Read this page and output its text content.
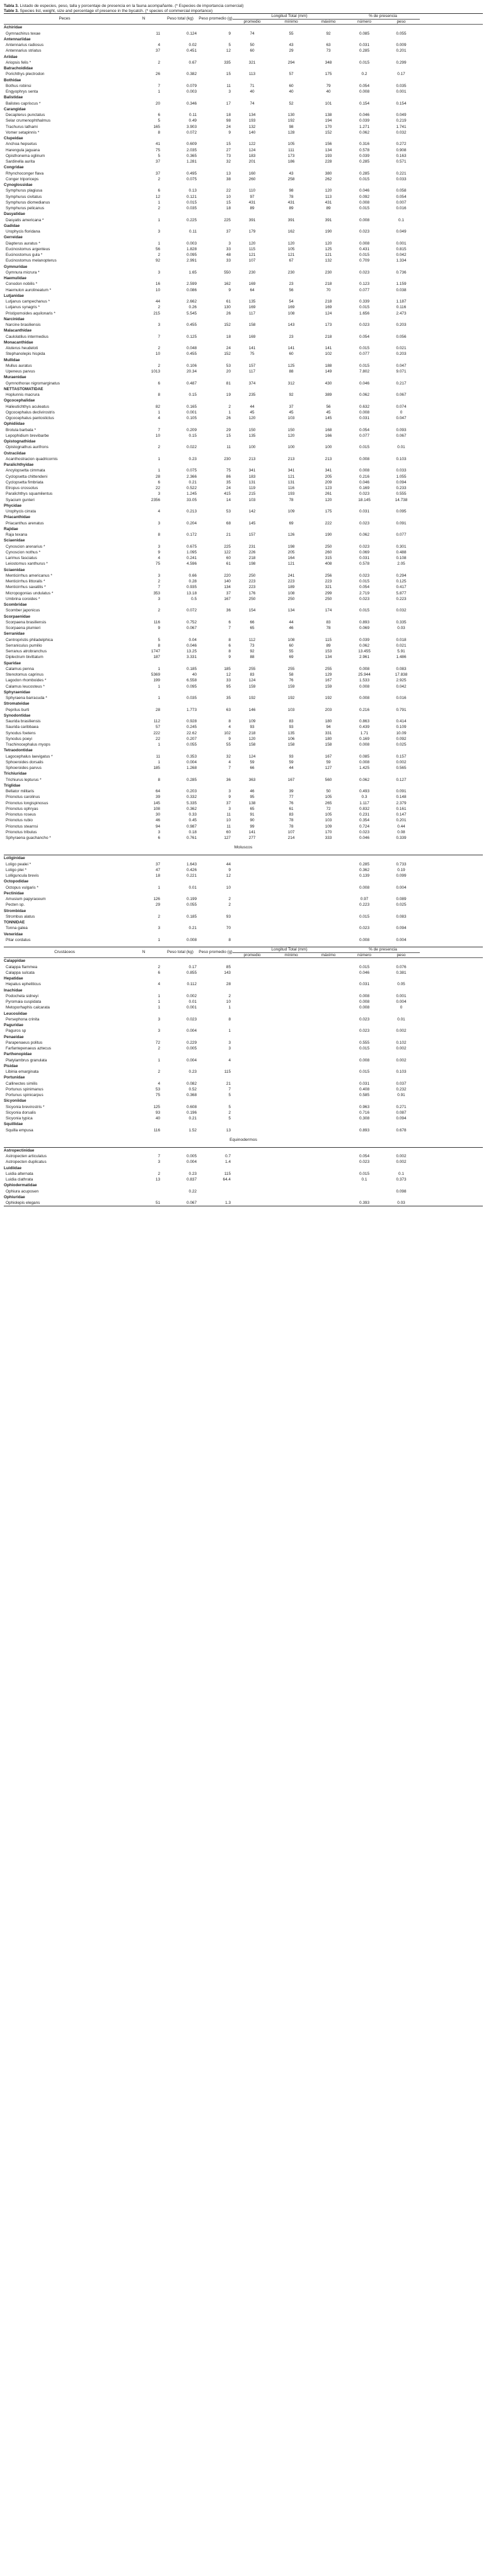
Tabla 3. Listado de especies, peso, talla y porcentaje de presencia en la fauna acompañante. (* Especies de importancia comercial)
Table 3. Species list, weight, size and percentage of presence in the bycatch. (* species of commercial importance)
Peces	N	Peso total (kg)	Peso promedio (g)	Longitud Total (mm)			% de presencia		
				promedio	mínimo	máximo	número	peso	

Achiridae									
Gymnachirus texae	11	0.124	9	74	55	92	0.085	0.055	
Antennariidae									
Antennarius radiosus	4	0.02	5	50	43	63	0.031	0.009	
Antennarius striatus	37	0.451	12	60	29	73	0.285	0.201	
Ariidae									
Ariopsis felis *	2	0.67	335	321	294	348	0.015	0.299	
Batrachoididae									
Porichthys plectrodon	26	0.382	15	113	57	175	0.2	0.17	
Bothidae									
Bothus robinsi	7	0.079	11	71	60	79	0.054	0.035	
Engyophrys senta	1	0.003	3	40	40	40	0.008	0.001	
Balistidae									
Balistes capriscus *	20	0.346	17	74	52	101	0.154	0.154	
Carangidae									
Decapterus punctatus	6	0.11	18	134	130	138	0.046	0.049	
Selar crumenophthalmus	5	0.49	98	193	192	194	0.039	0.219	
Trachurus lathami	165	3.903	24	132	98	170	1.271	1.741	
Vomer setapinnis *	8	0.072	9	140	128	152	0.062	0.032	
Clupeidae									
Anchoa hepsetus	41	0.609	15	122	105	156	0.316	0.272	
Harengula jaguana	75	2.035	27	124	111	134	0.578	0.908	
Opisthonema oglinum	5	0.365	73	183	173	193	0.039	0.163	
Sardinella aurita	37	1.281	32	201	186	228	0.285	0.571	
Congridae									
Rhynchoconger flava	37	0.495	13	160	43	380	0.285	0.221	
Conger triporiceps	2	0.075	38	260	258	262	0.015	0.033	
Cynoglossidae									
Symphurus plagiusa	6	0.13	22	110	98	120	0.046	0.058	
Symphurus civitatus	12	0.121	10	97	78	113	0.092	0.054	
Symphurus diomedianus	1	0.015	15	431	431	431	0.008	0.007	
Symphurus pelicanus	2	0.035	18	89	89	89	0.015	0.016	
Dasyatidae									
Dasyatis americana *	1	0.225	225	391	391	391	0.008	0.1	
Gadidae									
Urophycis floridana	3	0.11	37	179	162	190	0.023	0.049	
Gerreidae									
Diapterus auratus *	1	0.003	3	120	120	120	0.008	0.001	
Eucinostomus argenteus	56	1.828	33	115	105	125	0.431	0.815	
Eucinostomus gula *	2	0.095	48	121	121	121	0.015	0.042	
Eucinostomus melanopterus	92	2.991	33	107	67	132	0.709	1.334	
Gymnuridae									
Gymnura micrura *	3	1.65	550	230	230	230	0.023	0.736	
Haemulidae									
Conodon nobilis *	16	2.599	162	169	23	218	0.123	1.159	
Haemulon aurolineatum *	10	0.086	9	64	56	70	0.077	0.038	
Lutjanidae									
Lutjanus campechanus *	44	2.662	61	135	54	218	0.339	1.187	
Lutjanus synagris *	2	0.26	130	169	169	169	0.015	0.116	
Pristipomoides aquilonaris *	215	5.545	26	117	108	124	1.656	2.473	
Narcinidae									
Narcine brasiliensis	3	0.455	152	158	143	173	0.023	0.203	
Malacanthidae									
Caulolatilus intermedius	7	0.125	18	169	23	218	0.054	0.056	
Monacanthidae									
Aluterus heudeloti	2	0.048	24	141	141	141	0.015	0.021	
Stephanolepis hispida	10	0.455	152	75	60	102	0.077	0.203	
Mullidae									
Mullus auratus	2	0.106	53	157	125	188	0.015	0.047	
Upeneus parvus	1013	20.34	20	117	88	149	7.802	9.071	
Muraenidae									
Gymnothorax nigromarginatus	6	0.487	81	374	312	430	0.046	0.217	
NETTASTOMATIDAE									
Hoplunnis macrura	8	0.15	19	235	92	389	0.062	0.067	
Ogcocephalidae									
Halieutichthys aculeatus	82	0.165	2	44	37	56	0.632	0.074	
Ogcocephalus declivirostris	1	0.001	1	45	45	45	0.008	0	
Ogcocephalus pantostictus	4	0.105	26	120	103	145	0.031	0.047	
Ophidiidae									
Brotula barbata *	7	0.209	29	150	150	168	0.054	0.093	
Lepophidium brevibarbe	10	0.15	15	135	120	166	0.077	0.067	
Opistognathidae									
Opistognathus aurifrons	2	0.022	11	100	100	100	0.015	0.01	
Ostraciidae									
Acanthostracion quadricornis	1	0.23	230	213	213	213	0.008	0.103	
Paralichthyidae									
Ancylopsetta cimmata	1	0.075	75	341	341	341	0.008	0.033	
Cyclopsetta chittendeni	28	2.366	86	183	121	205	0.216	1.055	
Cyclopsetta fimbriata	6	0.21	35	131	131	209	0.046	0.094	
Etropus crossotus	22	0.522	24	119	116	123	0.169	0.233	
Paralichthys squamilentus	3	1.245	415	215	193	261	0.023	0.555	
Syacium gunteri	2356	33.05	14	103	78	120	18.145	14.738	
Phycidae									
Urophycis cirrata	4	0.213	53	142	109	175	0.031	0.095	
Priacanthidae									
Priacanthus arenatus	3	0.204	68	145	69	222	0.023	0.091	
Rajidae									
Raja texana	8	0.172	21	157	126	190	0.062	0.077	
Sciaenidae									
Cynoscion arenarius *	3	0.675	225	231	198	250	0.023	0.301	
Cynoscion nothus *	9	1.095	122	226	205	260	0.069	0.488	
Larimus fasciatus	4	0.241	60	218	164	315	0.031	0.108	
Leiostomus xanthurus *	75	4.596	61	198	121	408	0.578	2.05	
Sciaenidae									
Menticirrhus americanus *	3	0.66	220	250	241	256	0.023	0.294	
Menticirrhus littoralis *	2	0.28	140	223	223	223	0.015	0.125	
Menticirrhus saxatilis *	7	0.935	134	223	189	321	0.054	0.417	
Micropogonias undulatus *	353	13.18	37	176	108	299	2.719	5.877	
Umbrina coroides *	3	0.5	167	250	250	250	0.023	0.223	
Scombridae									
Scomber japonicus	2	0.072	36	154	134	174	0.015	0.032	
Scorpaenidae									
Scorpaena brasiliensis	116	0.752	6	66	44	83	0.893	0.335	
Scorpaena plumieri	9	0.067	7	65	46	78	0.069	0.03	
Serranidae									
Centropristis philadelphica	5	0.04	8	112	108	115	0.039	0.018	
Serraniculus pumilio	8	0.046	6	73	60	89	0.062	0.021	
Serranus atrobranchus	1747	13.25	8	92	55	153	13.455	5.91	
Diplectrum bivittatum	187	3.331	9	88	69	134	2.961	1.486	
Sparidae									
Calamus penna	1	0.185	185	255	255	255	0.008	0.083	
Stenotomus caprinus	5369	40	12	83	58	129	25.944	17.838	
Lagodon rhomboides *	199	6.558	33	124	76	167	1.533	2.925	
Calamus leucosteus *	1	0.095	95	159	159	159	0.008	0.042	
Sphyraenidae									
Sphyraena barracuda *	1	0.035	35	192	192	192	0.008	0.016	
Stromateidae									
Peprilus burti	28	1.773	63	146	103	203	0.216	0.791	
Synodontidae									
Saurida brasiliensis	112	0.928	8	109	83	180	0.863	0.414	
Saurida caribbaea	57	0.245	4	93	93	94	0.439	0.109	
Synodus foetens	222	22.62	102	218	135	331	1.71	10.09	
Synodus poeyi	22	0.207	9	120	106	180	0.169	0.092	
Trachinocephalus myops	1	0.055	55	158	158	158	0.008	0.025	
Tetraodontidae									
Lagocephalus laevigatus *	11	0.353	32	124	93	167	0.085	0.157	
Sphoeroides dorsalis	1	0.004	4	59	59	59	0.008	0.002	
Sphoeroides parvus	185	1.268	7	66	44	127	1.425	0.565	
Trichiuridae									
Trichiurus lepturus *	8	0.285	36	363	167	560	0.062	0.127	
Triglidae									
Bellator militaris	64	0.203	3	46	39	50	0.493	0.091	
Prionotus carolinus	39	0.332	9	95	77	105	0.3	0.148	
Prionotus longispinosus	145	5.335	37	138	76	265	1.117	2.379	
Prionotus ophryas	108	0.362	3	65	61	72	0.832	0.161	
Prionotus roseus	30	0.33	11	91	83	105	0.231	0.147	
Prionotus rubio	46	0.45	10	90	78	103	0.354	0.201	
Prionotus stearnsi	94	0.987	11	99	78	109	0.724	0.44	
Prionotus tribulus	3	0.18	60	141	107	170	0.023	0.08	
Sphyraena guachancho *	6	0.761	127	277	214	333	0.046	0.339	
Moluscos
Loliginidae									
Loligo pealei *	37	1.643	44				0.285	0.733	
Loligo plei *	47	0.426	9				0.362	0.19	
Lolliguncula brevis	18	0.221	12				0.139	0.099	
Octopodidae									
Octopus vulgaris *	1	0.01	10				0.008	0.004	
Pectinidae									
Amusium papyraceum	126	0.199	2				0.97	0.089	
Pecten sp.	29	0.055	2				0.223	0.025	
Strombidae									
Strombus alatus	2	0.185	93				0.015	0.083	
TONNIDAE									
Tonna galea	3	0.21	70				0.023	0.094	
Veneridae									
Pitar cordatus	1	0.008	8				0.008	0.004	
Crustáceos	N	Peso total (kg)	Peso promedio (g)	Longitud Total (mm)			% de presencia		
				promedio	mínimo	máximo	número	peso	

Calappidae									
Calappa flammea	2	0.17	85				0.015	0.076	
Calappa sulcata	6	0.855	143				0.046	0.381	
Hepatidae									
Hepatus epheliticus	4	0.112	28				0.031	0.05	
Inachidae									
Podochela sidneyi	1	0.002	2				0.008	0.001	
Pyromaia cuspidata	1	0.01	10				0.008	0.004	
Metoporhaphis calcarata	1	0.001	1				0.008	0	
Leucosiidae									
Persephona crinita	3	0.023	8				0.023	0.01	
Paguridae									
Paguros sp	3	0.004	1				0.023	0.002	
Penaeidae									
Parapenaeus politus	72	0.229	3				0.555	0.102	
Farfantepenaeus aztecus	2	0.005	3				0.015	0.002	
Parthenopidae									
Platylambrus granulata	1	0.004	4				0.008	0.002	
Pisidae									
Libinia emarginata	2	0.23	115				0.015	0.103	
Portunidae									
Callinectes similis	4	0.082	21				0.031	0.037	
Portunus spinimanus	53	0.52	7				0.408	0.232	
Portunus spinicarpus	75	0.368	5				0.585	0.91	
Sicyoniidae									
Sicyonia brevirostris *	125	0.608	5				0.963	0.271	
Sicyonia dorsalis	93	0.196	2				0.716	0.087	
Sicyonia typica	40	0.21	5				0.308	0.094	
Squillidae									
Squilla empusa	116	1.52	13				0.893	0.678	
Equinodermos
Astropectinidae									
Astropecten articulatus	7	0.005	0.7				0.054	0.002	
Astropecten duplicatus	3	0.004	1.4				0.023	0.002	
Luidiidae									
Luidia alternata	2	0.23	115				0.015	0.1	
Luidia clathrata	13	0.837	64.4				0.1	0.373	
Ophiodermatidae									
Ophiura acuposen		0.22						0.098	
Ophiuridae									
Ophiolepis elegans	51	0.067	1.3				0.393	0.03	
